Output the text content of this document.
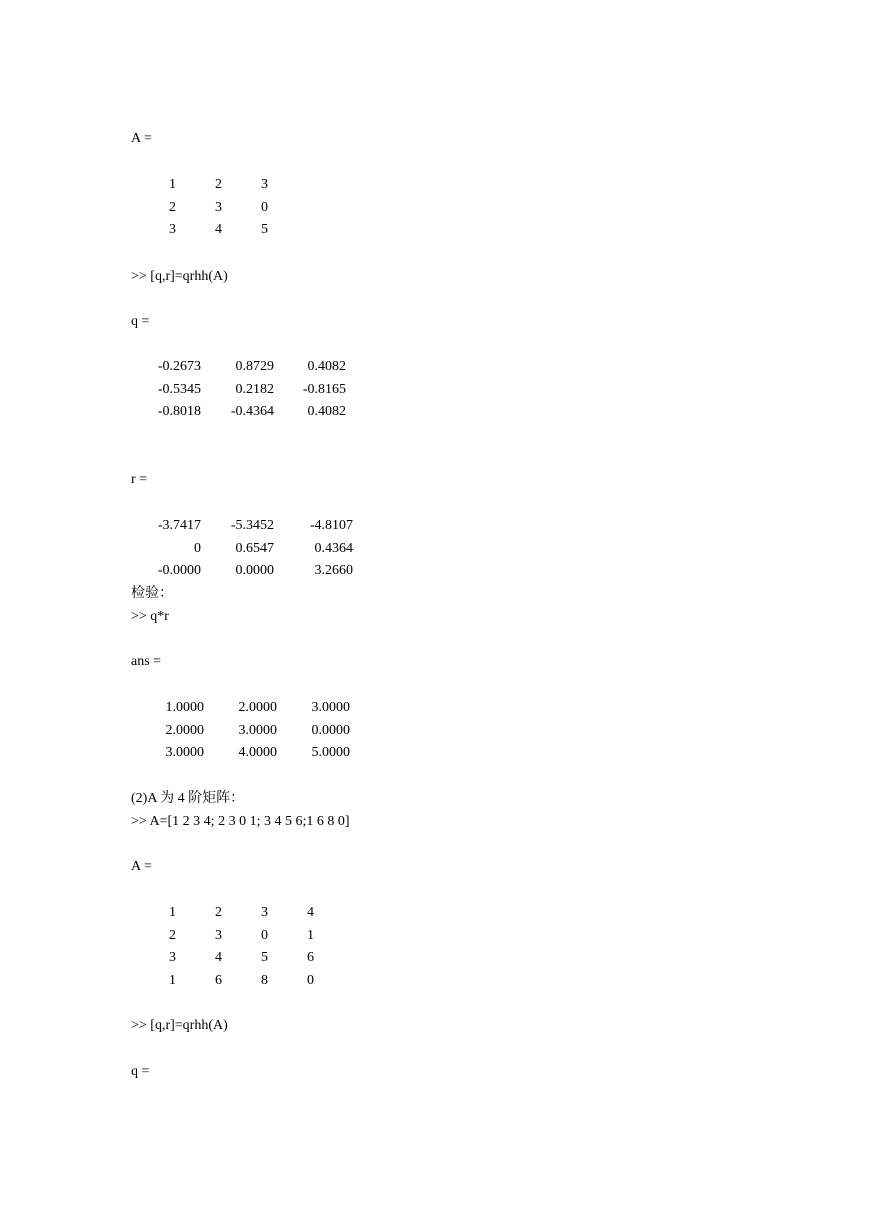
A =
1	2	3
2	3	0
3	4	5
>> [q,r]=qrhh(A)
q =
-0.2673	0.8729	0.4082
-0.5345	0.2182	-0.8165
-0.8018	-0.4364	0.4082
r =
-3.7417	-5.3452	-4.8107
0	0.6547	0.4364
-0.0000	0.0000	3.2660
检验：
>> q*r
ans =
1.0000	2.0000	3.0000
2.0000	3.0000	0.0000
3.0000	4.0000	5.0000
(2)A 为 4 阶矩阵：
>> A=[1 2 3 4; 2 3 0 1; 3 4 5 6;1 6 8 0]
A =
1	2	3	4
2	3	0	1
3	4	5	6
1	6	8	0
>> [q,r]=qrhh(A)
q =
